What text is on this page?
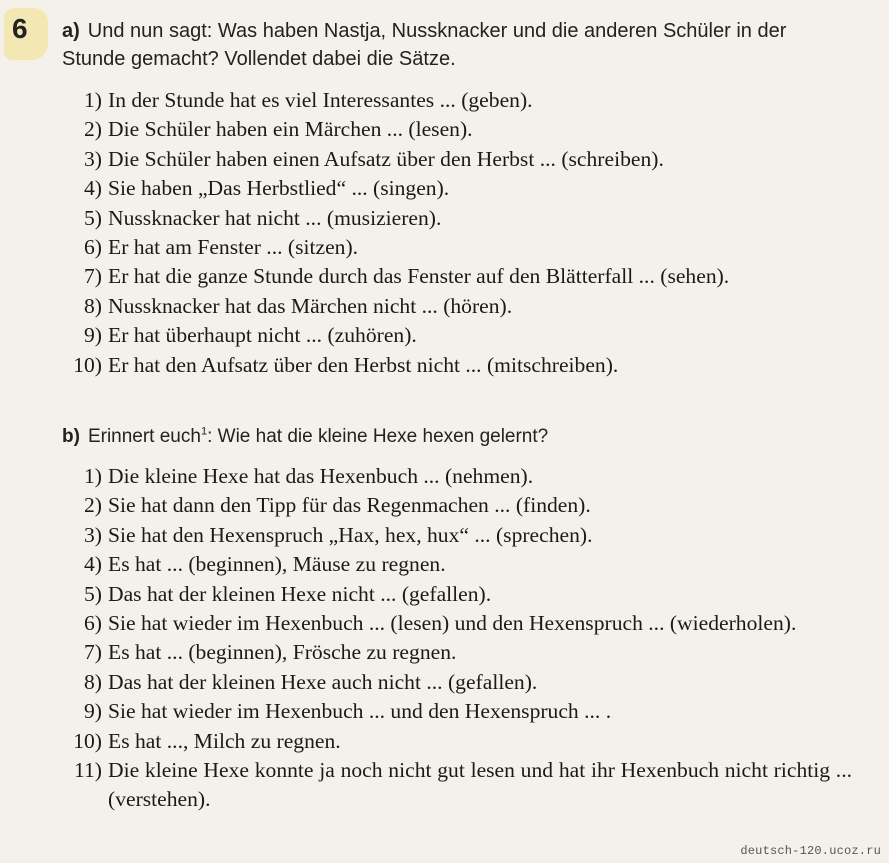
6 a) Und nun sagt: Was haben Nastja, Nussknacker und die anderen Schüler in der Stunde gemacht? Vollendet dabei die Sätze.
1) In der Stunde hat es viel Interessantes ... (geben).
2) Die Schüler haben ein Märchen ... (lesen).
3) Die Schüler haben einen Aufsatz über den Herbst ... (schreiben).
4) Sie haben „Das Herbstlied“ ... (singen).
5) Nussknacker hat nicht ... (musizieren).
6) Er hat am Fenster ... (sitzen).
7) Er hat die ganze Stunde durch das Fenster auf den Blätterfall ... (sehen).
8) Nussknacker hat das Märchen nicht ... (hören).
9) Er hat überhaupt nicht ... (zuhören).
10) Er hat den Aufsatz über den Herbst nicht ... (mitschreiben).
b) Erinnert euch$^1$: Wie hat die kleine Hexe hexen gelernt?
1) Die kleine Hexe hat das Hexenbuch ... (nehmen).
2) Sie hat dann den Tipp für das Regenmachen ... (finden).
3) Sie hat den Hexenspruch „Hax, hex, hux“ ... (sprechen).
4) Es hat ... (beginnen), Mäuse zu regnen.
5) Das hat der kleinen Hexe nicht ... (gefallen).
6) Sie hat wieder im Hexenbuch ... (lesen) und den Hexenspruch ... (wiederholen).
7) Es hat ... (beginnen), Frösche zu regnen.
8) Das hat der kleinen Hexe auch nicht ... (gefallen).
9) Sie hat wieder im Hexenbuch ... und den Hexenspruch ... .
10) Es hat ..., Milch zu regnen.
11) Die kleine Hexe konnte ja noch nicht gut lesen und hat ihr Hexenbuch nicht richtig ... (verstehen).
deutsch-120.ucoz.ru
